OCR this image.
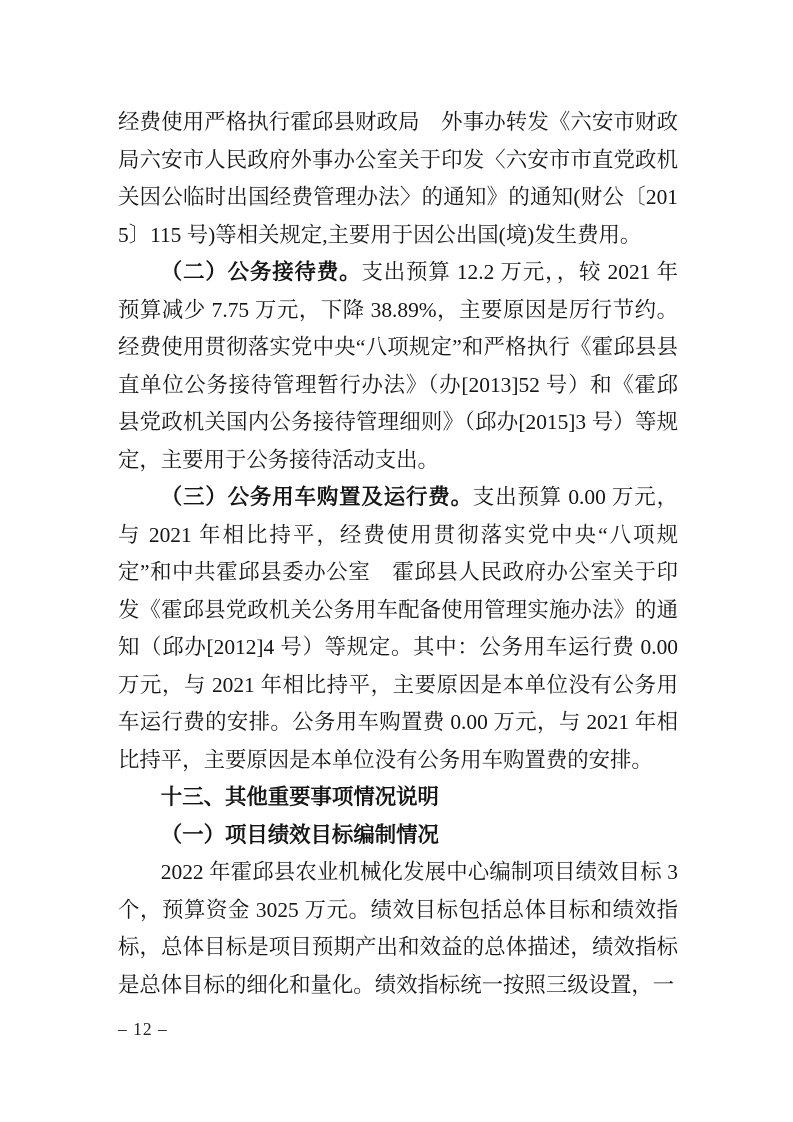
经费使用严格执行霍邱县财政局　外事办转发《六安市财政局六安市人民政府外事办公室关于印发〈六安市市直党政机关因公临时出国经费管理办法〉的通知》的通知(财公〔2015〕115 号)等相关规定,主要用于因公出国(境)发生费用。

（二）公务接待费。支出预算 12.2 万元，，较 2021 年预算减少 7.75 万元，下降 38.89%，主要原因是厉行节约。经费使用贯彻落实党中央“八项规定”和严格执行《霍邱县县直单位公务接待管理暂行办法》（办[2013]52 号）和《霍邱县党政机关国内公务接待管理细则》（邱办[2015]3 号）等规定，主要用于公务接待活动支出。

（三）公务用车购置及运行费。支出预算 0.00 万元，与 2021 年相比持平，经费使用贯彻落实党中央“八项规定”和中共霍邱县委办公室　霍邱县人民政府办公室关于印发《霍邱县党政机关公务用车配备使用管理实施办法》的通知（邱办[2012]4 号）等规定。其中：公务用车运行费 0.00 万元，与 2021 年相比持平，主要原因是本单位没有公务用车运行费的安排。公务用车购置费 0.00 万元，与 2021 年相比持平，主要原因是本单位没有公务用车购置费的安排。

十三、其他重要事项情况说明

（一）项目绩效目标编制情况

2022 年霍邱县农业机械化发展中心编制项目绩效目标 3 个，预算资金 3025 万元。绩效目标包括总体目标和绩效指标，总体目标是项目预期产出和效益的总体描述，绩效指标是总体目标的细化和量化。绩效指标统一按照三级设置，一

– 12 –
